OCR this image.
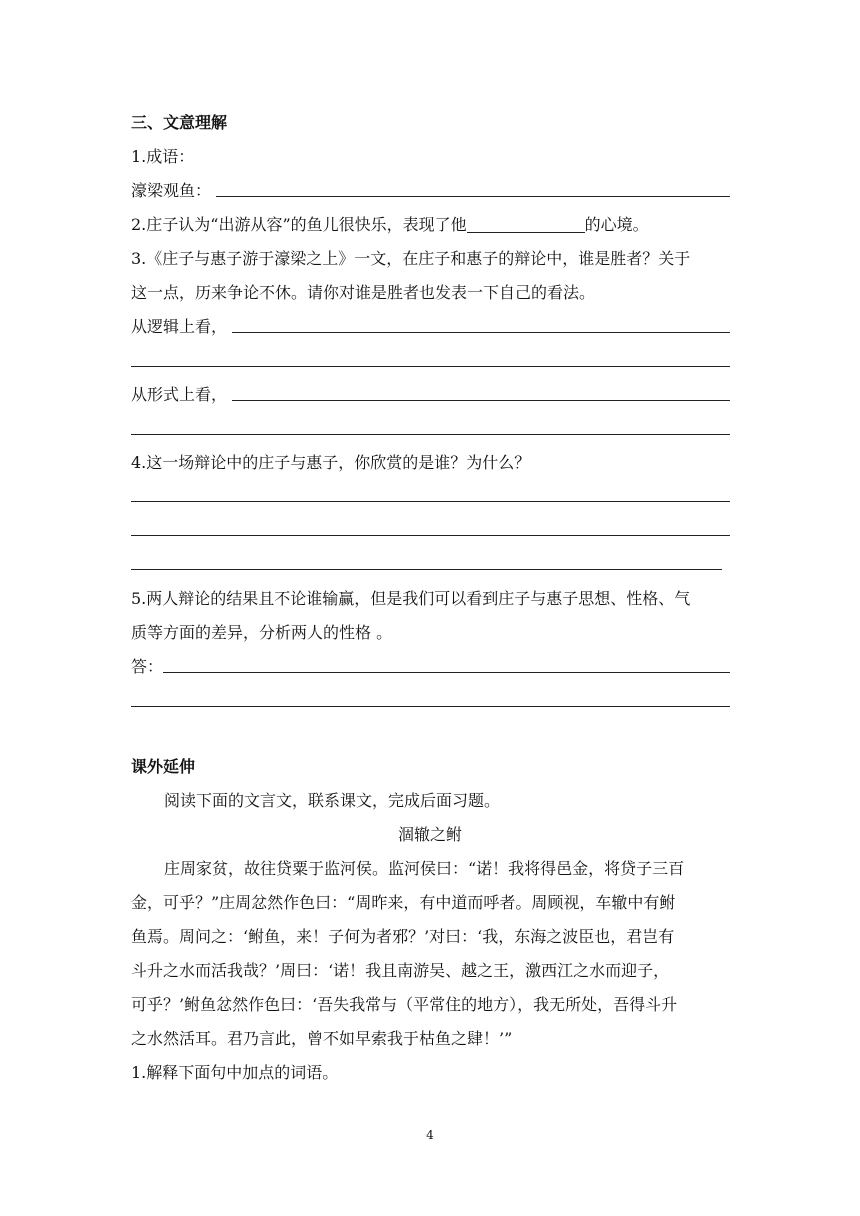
三、文意理解
1.成语：
濠梁观鱼：
2.庄子认为“出游从容”的鱼儿很快乐，表现了他	的心境。
3.《庄子与惠子游于濠梁之上》一文，在庄子和惠子的辩论中，谁是胜者？关于
这一点，历来争论不休。请你对谁是胜者也发表一下自己的看法。
从逻辑上看，
从形式上看，
4.这一场辩论中的庄子与惠子，你欣赏的是谁？为什么？
5.两人辩论的结果且不论谁输赢，但是我们可以看到庄子与惠子思想、性格、气
质等方面的差异，分析两人的性格 。
答：
课外延伸
阅读下面的文言文，联系课文，完成后面习题。
涸辙之鲋
庄周家贫，故往贷粟于监河侯。监河侯曰：“诺！我将得邑金，将贷子三百
金，可乎？”庄周忿然作色曰：“周昨来，有中道而呼者。周顾视，车辙中有鲋
鱼焉。周问之：‘鲋鱼，来！子何为者邪？’对曰：‘我，东海之波臣也，君岂有
斗升之水而活我哉？’周曰：‘诺！我且南游吴、越之王，激西江之水而迎子，
可乎？’鲋鱼忿然作色曰：‘吾失我常与（平常住的地方），我无所处，吾得斗升
之水然活耳。君乃言此，曾不如早索我于枯鱼之肆！’”
1.解释下面句中加点的词语。
4
